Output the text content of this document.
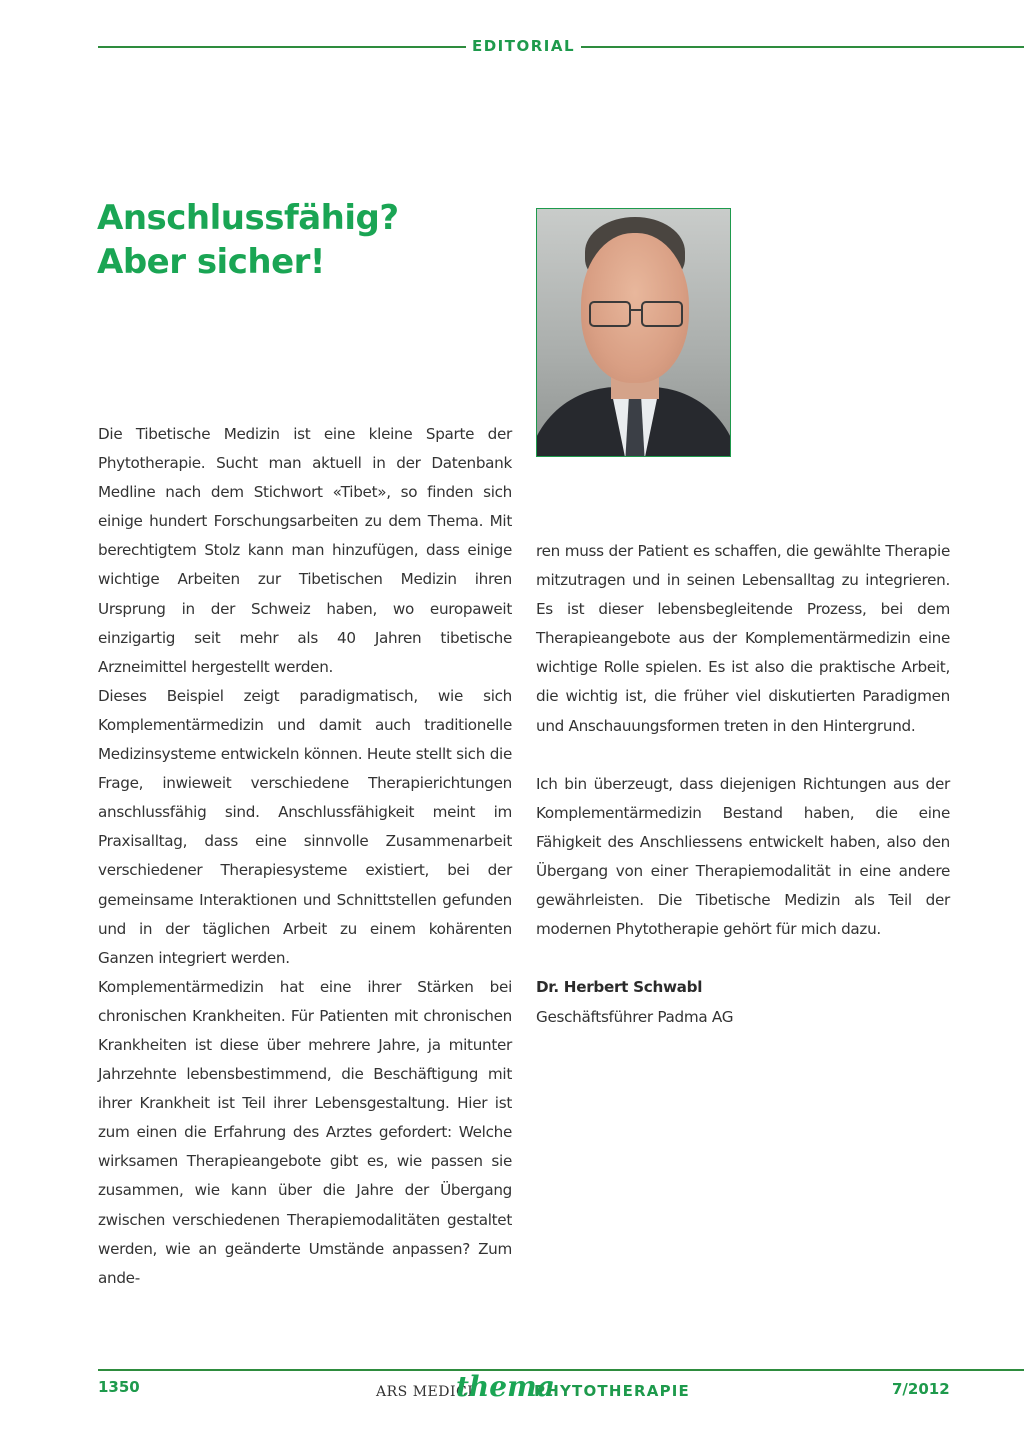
EDITORIAL
Anschlussfähig?
Aber sicher!

Die Tibetische Medizin ist eine kleine Sparte der Phytotherapie. Sucht man aktuell in der Datenbank Medline nach dem Stichwort «Tibet», so finden sich einige hundert Forschungsarbeiten zu dem Thema. Mit berechtigtem Stolz kann man hinzufügen, dass einige wichtige Arbeiten zur Tibetischen Medizin ihren Ursprung in der Schweiz haben, wo europaweit einzigartig seit mehr als 40 Jahren tibetische Arzneimittel hergestellt werden.

Dieses Beispiel zeigt paradigmatisch, wie sich Komplementärmedizin und damit auch traditionelle Medizinsysteme entwickeln können. Heute stellt sich die Frage, inwieweit verschiedene Therapierichtungen anschlussfähig sind. Anschlussfähigkeit meint im Praxisalltag, dass eine sinnvolle Zusammenarbeit verschiedener Therapiesysteme existiert, bei der gemeinsame Interaktionen und Schnittstellen gefunden und in der täglichen Arbeit zu einem kohärenten Ganzen integriert werden.

Komplementärmedizin hat eine ihrer Stärken bei chronischen Krankheiten. Für Patienten mit chronischen Krankheiten ist diese über mehrere Jahre, ja mitunter Jahrzehnte lebensbestimmend, die Beschäftigung mit ihrer Krankheit ist Teil ihrer Lebensgestaltung. Hier ist zum einen die Erfahrung des Arztes gefordert: Welche wirksamen Therapieangebote gibt es, wie passen sie zusammen, wie kann über die Jahre der Übergang zwischen verschiedenen Therapiemodalitäten gestaltet werden, wie an geänderte Umstände anpassen? Zum ande-

ren muss der Patient es schaffen, die gewählte Therapie mitzutragen und in seinen Lebensalltag zu integrieren. Es ist dieser lebensbegleitende Prozess, bei dem Therapieangebote aus der Komplementärmedizin eine wichtige Rolle spielen. Es ist also die praktische Arbeit, die wichtig ist, die früher viel diskutierten Paradigmen und Anschauungsformen treten in den Hintergrund.

Ich bin überzeugt, dass diejenigen Richtungen aus der Komplementärmedizin Bestand haben, die eine Fähigkeit des Anschliessens entwickelt haben, also den Übergang von einer Therapiemodalität in eine andere gewährleisten. Die Tibetische Medizin als Teil der modernen Phytotherapie gehört für mich dazu.

Dr. Herbert Schwabl

Geschäftsführer Padma AG

1350	ARS MEDICI
thema
PHYTOTHERAPIE	7/2012
